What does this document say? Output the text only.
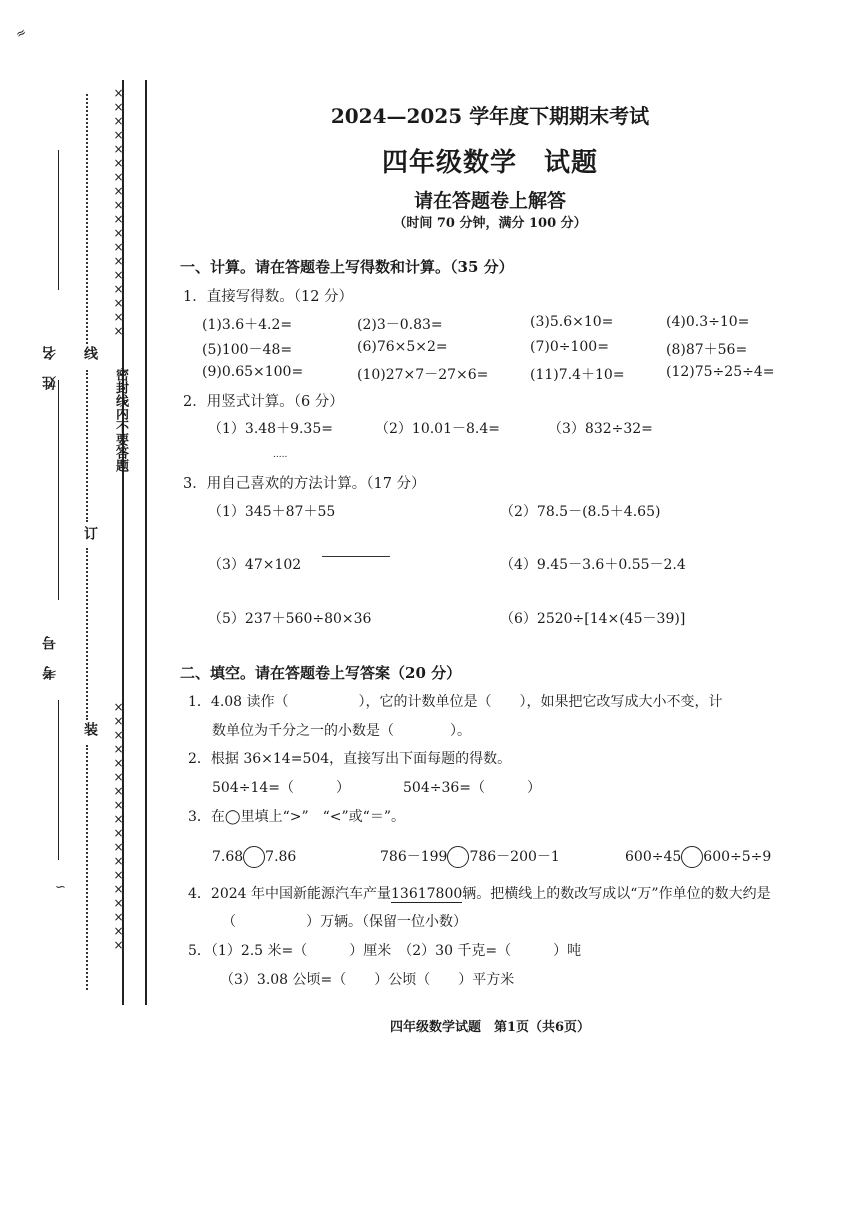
≈
××××××××××××××××××
密封线内不要答题
××××××××××××××××××
线
订
装
姓名
考号
∽
2024—2025 学年度下期期末考试
四年级数学　试题
请在答题卷上解答
（时间 70 分钟，满分 100 分）
一、计算。请在答题卷上写得数和计算。（35 分）
1．直接写得数。（12 分）
(1)3.6＋4.2=	(2)3－0.83=	(3)5.6×10=	(4)0.3÷10=
(5)100－48=	(6)76×5×2=	(7)0÷100=	(8)87＋56=
(9)0.65×100=	(10)27×7－27×6=	(11)7.4＋10=	(12)75÷25÷4=
2．用竖式计算。（6 分）
（1）3.48＋9.35=	（2）10.01－8.4=	（3）832÷32=
.....
3．用自己喜欢的方法计算。（17 分）
（1）345＋87＋55	（2）78.5－(8.5＋4.65)
（3）47×102	（4）9.45－3.6＋0.55－2.4
（5）237＋560÷80×36	（6）2520÷[14×(45－39)]
二、填空。请在答题卷上写答案（20 分）
1．4.08 读作（　　　　　），它的计数单位是（　　），如果把它改写成大小不变，计
数单位为千分之一的小数是（　　　　）。
2．根据 36×14=504，直接写出下面每题的得数。
504÷14=（　　　）	504÷36=（　　　）
3．在◯里填上“>”　“<”或“＝”。
7.68 7.86	786－199 786－200－1	600÷45 600÷5÷9
4．2024 年中国新能源汽车产量13617800辆。把横线上的数改写成以“万”作单位的数大约是
（　　　　　）万辆。（保留一位小数）
5．（1）2.5 米=（　　　）厘米　（2）30 千克=（　　　）吨
（3）3.08 公顷=（　　）公顷（　　）平方米
四年级数学试题　第1页（共6页）
